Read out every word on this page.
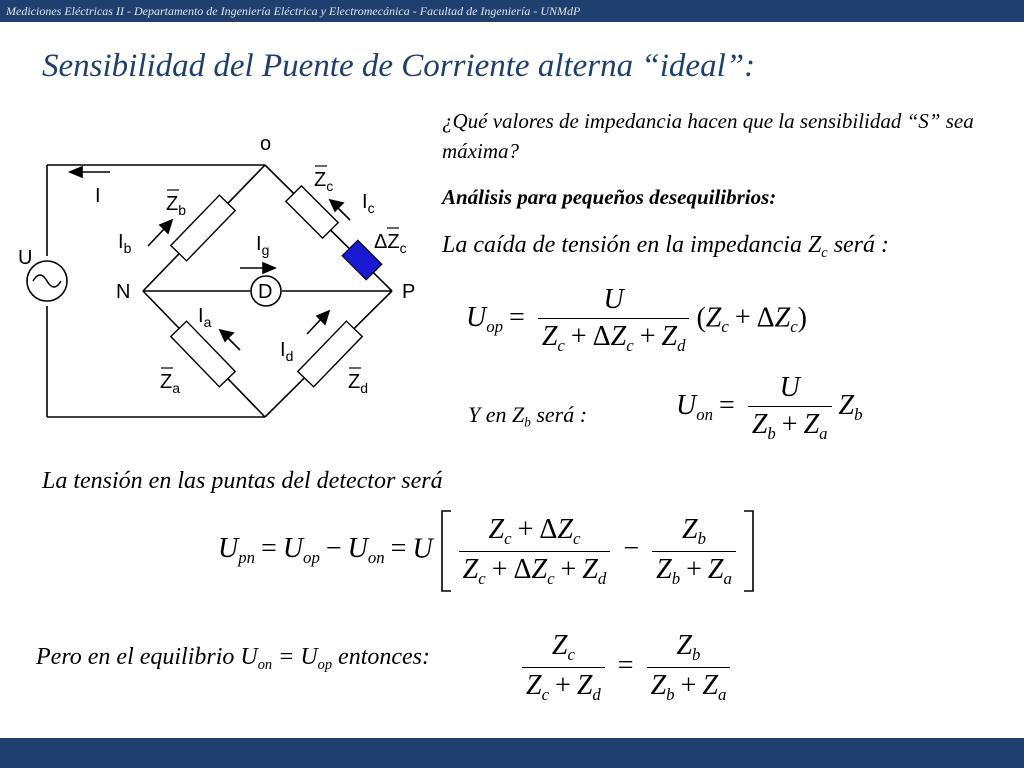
Mediciones Eléctricas II - Departamento de Ingeniería Eléctrica y Electromecánica - Facultad de Ingeniería - UNMdP
Sensibilidad del Puente de Corriente alterna “ideal”:
o
P
N
U
I
D
$I_b$
$I_c$
$I_g$
$I_a$
$I_d$
$Z_b$
$Z_c$
$\Delta Z_c$
$Z_a$	$Z_d$
¿Qué valores de impedancia hacen que la sensibilidad “S” sea máxima?
Análisis para pequeños desequilibrios:
La caída de tensión en la impedancia $Z_c$ será :
$U_{op} = \frac{U}{Z_c + \Delta Z_c + Z_d} (Z_c + \Delta Z_c)$
Y en $Z_b$ será :	$U_{on} = \frac{U}{Z_b + Z_a} Z_b$
La tensión en las puntas del detector será
$U_{pn} = U_{op} - U_{on} = U \frac{Z_c + \Delta Z_c}{Z_c + \Delta Z_c + Z_d} - \frac{Z_b}{Z_b + Z_a}$

Pero en el equilibrio $U_{on} = U_{op}$ entonces:	$\frac{Z_c}{Z_c + Z_d} = \frac{Z_b}{Z_b + Z_a}$
